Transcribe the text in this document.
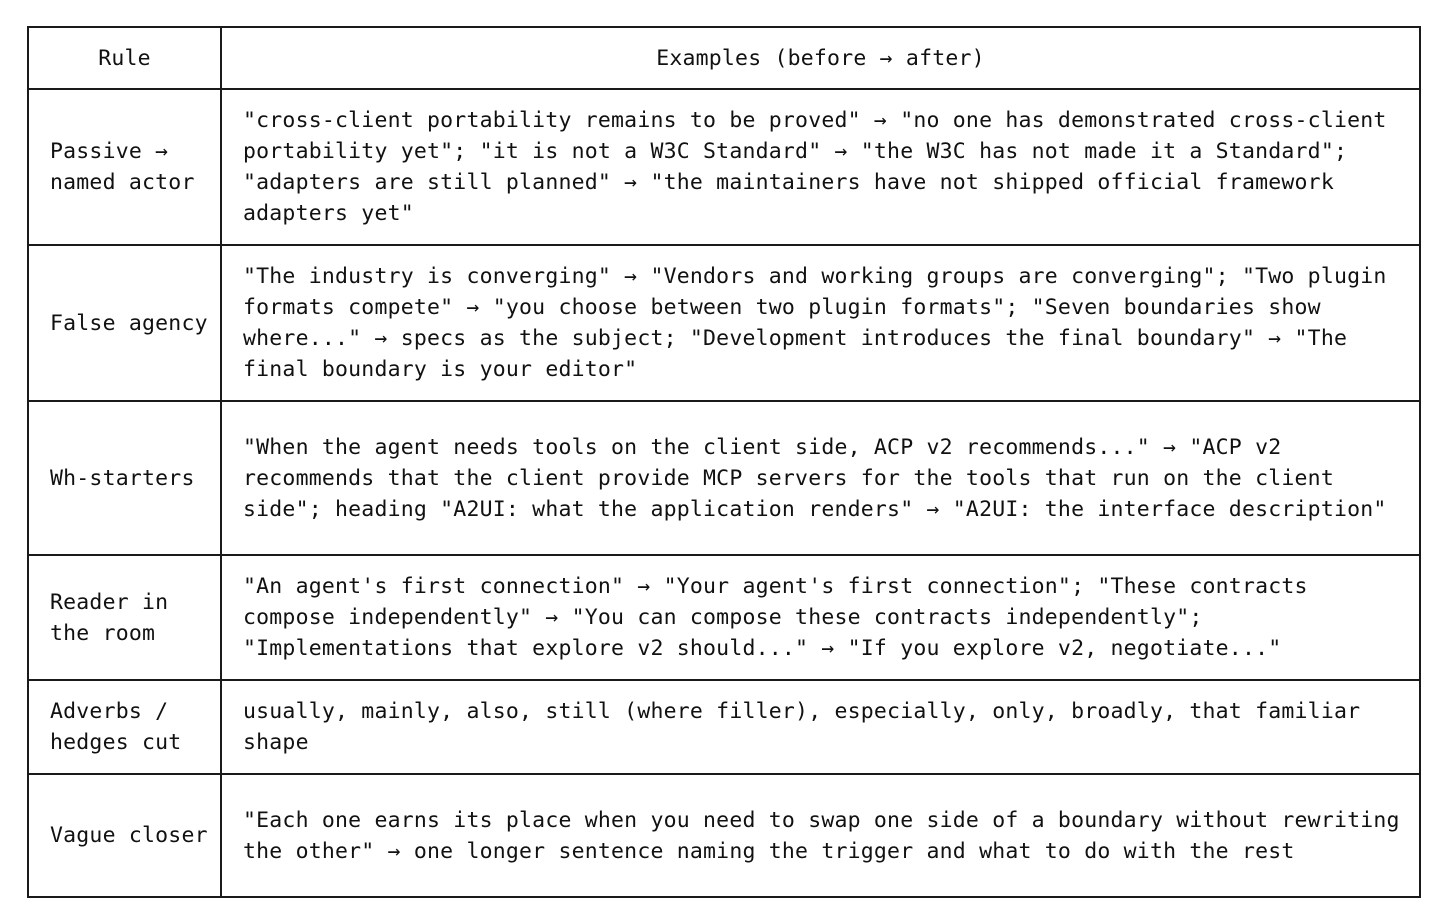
Rule	Examples (before → after)

Passive → named actor	"cross-client portability remains to be proved" → "no one has demonstrated cross-client portability yet"; "it is not a W3C Standard" → "the W3C has not made it a Standard"; "adapters are still planned" → "the maintainers have not shipped official framework adapters yet"

False agency	"The industry is converging" → "Vendors and working groups are converging"; "Two plugin formats compete" → "you choose between two plugin formats"; "Seven boundaries show where..." → specs as the subject; "Development introduces the final boundary" → "The final boundary is your editor"

Wh-starters	"When the agent needs tools on the client side, ACP v2 recommends..." → "ACP v2 recommends that the client provide MCP servers for the tools that run on the client side"; heading "A2UI: what the application renders" → "A2UI: the interface description"

Reader in the room	"An agent's first connection" → "Your agent's first connection"; "These contracts compose independently" → "You can compose these contracts independently"; "Implementations that explore v2 should..." → "If you explore v2, negotiate..."

Adverbs / hedges cut	usually, mainly, also, still (where filler), especially, only, broadly, that familiar shape

Vague closer	"Each one earns its place when you need to swap one side of a boundary without rewriting the other" → one longer sentence naming the trigger and what to do with the rest
